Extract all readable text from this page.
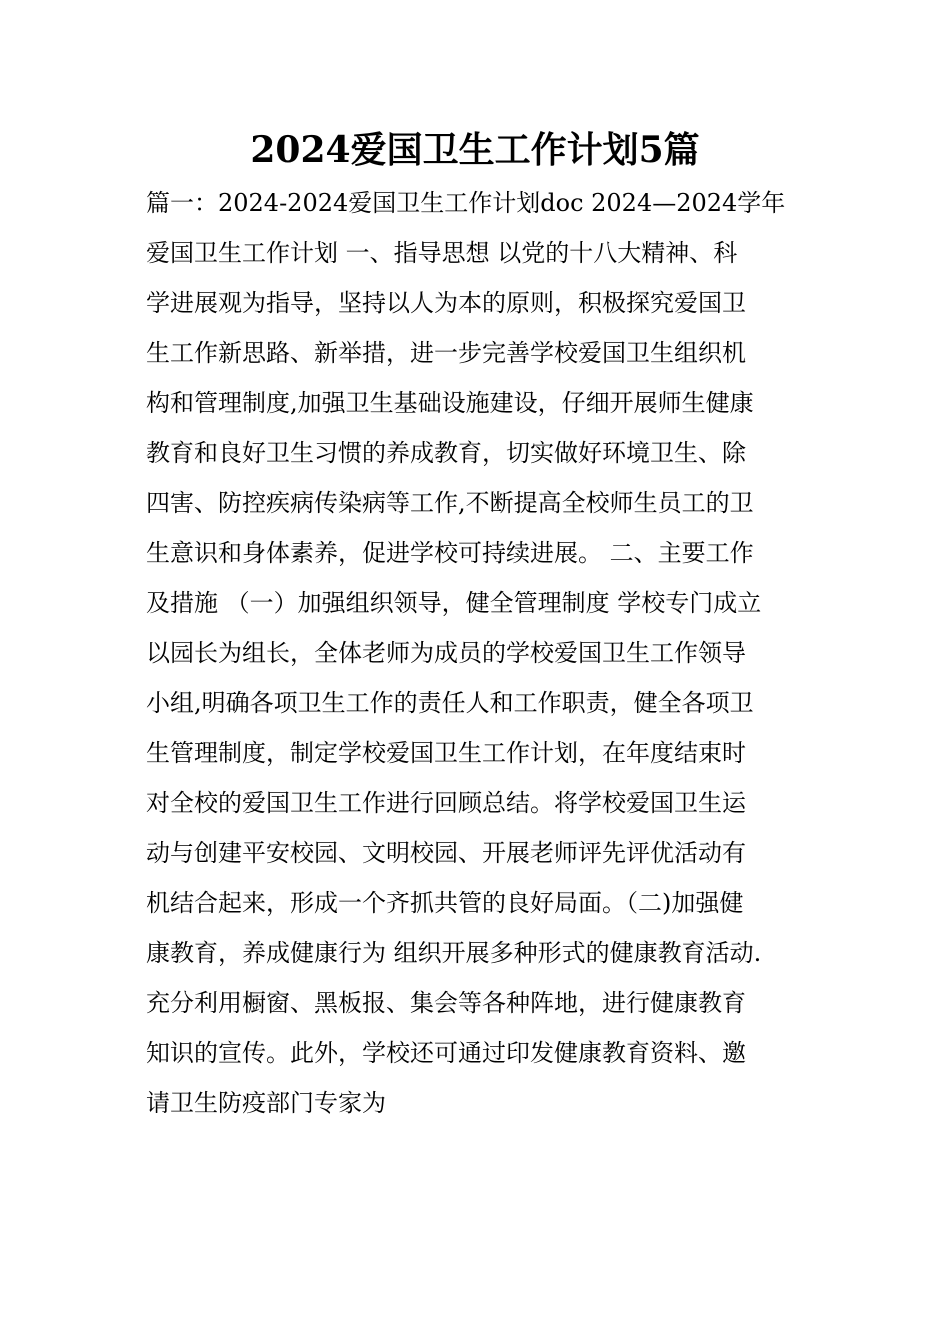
2024爱国卫生工作计划5篇
篇一：2024-2024爱国卫生工作计划doc 2024—2024学年
爱国卫生工作计划 一、指导思想 以党的十八大精神、科
学进展观为指导，坚持以人为本的原则，积极探究爱国卫
生工作新思路、新举措，进一步完善学校爱国卫生组织机
构和管理制度,加强卫生基础设施建设，仔细开展师生健康
教育和良好卫生习惯的养成教育，切实做好环境卫生、除
四害、防控疾病传染病等工作,不断提高全校师生员工的卫
生意识和身体素养，促进学校可持续进展。 二、主要工作
及措施 （一）加强组织领导，健全管理制度 学校专门成立
以园长为组长，全体老师为成员的学校爱国卫生工作领导
小组,明确各项卫生工作的责任人和工作职责，健全各项卫
生管理制度，制定学校爱国卫生工作计划，在年度结束时
对全校的爱国卫生工作进行回顾总结。将学校爱国卫生运
动与创建平安校园、文明校园、开展老师评先评优活动有
机结合起来，形成一个齐抓共管的良好局面。（二)加强健
康教育，养成健康行为 组织开展多种形式的健康教育活动.
充分利用橱窗、黑板报、集会等各种阵地，进行健康教育
知识的宣传。此外，学校还可通过印发健康教育资料、邀
请卫生防疫部门专家为
